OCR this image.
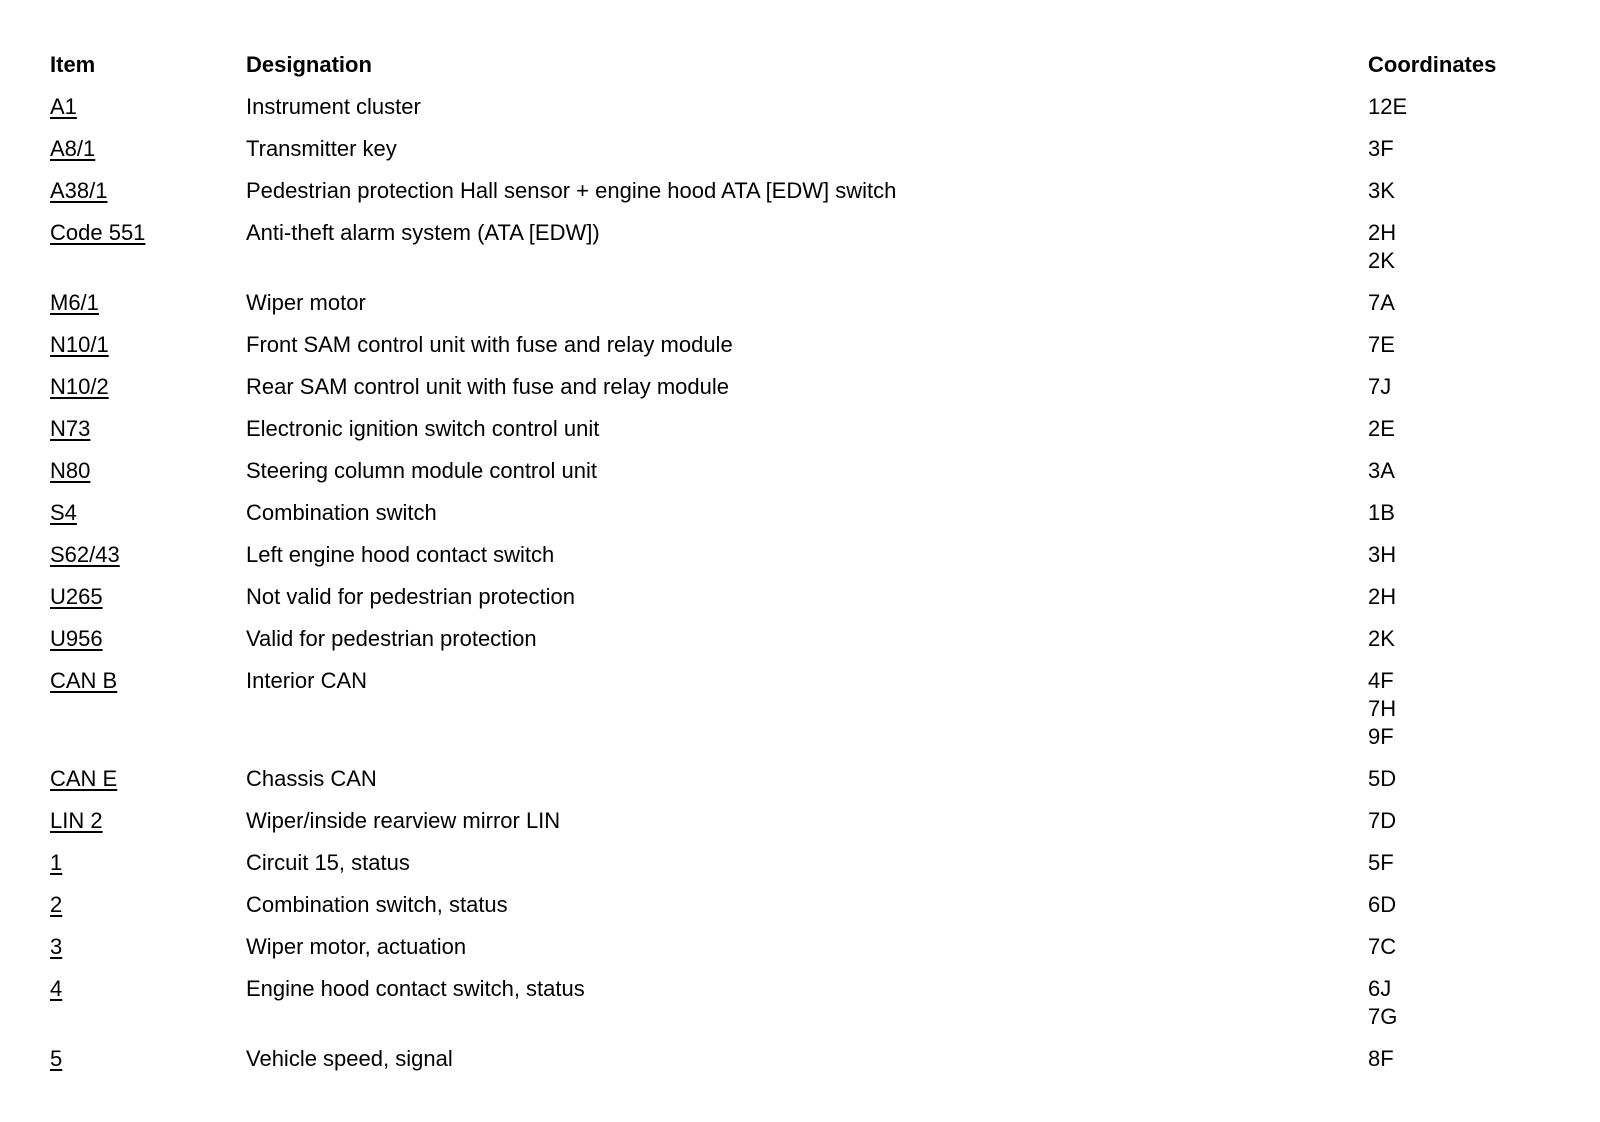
Item	Designation	Coordinates
A1	Instrument cluster	12E
A8/1	Transmitter key	3F
A38/1	Pedestrian protection Hall sensor + engine hood ATA [EDW] switch	3K
Code 551	Anti-theft alarm system (ATA [EDW])	2H
2K
M6/1	Wiper motor	7A
N10/1	Front SAM control unit with fuse and relay module	7E
N10/2	Rear SAM control unit with fuse and relay module	7J
N73	Electronic ignition switch control unit	2E
N80	Steering column module control unit	3A
S4	Combination switch	1B
S62/43	Left engine hood contact switch	3H
U265	Not valid for pedestrian protection	2H
U956	Valid for pedestrian protection	2K
CAN B	Interior CAN	4F
7H
9F
CAN E	Chassis CAN	5D
LIN 2	Wiper/inside rearview mirror LIN	7D
1	Circuit 15, status	5F
2	Combination switch, status	6D
3	Wiper motor, actuation	7C
4	Engine hood contact switch, status	6J
7G
5	Vehicle speed, signal	8F
